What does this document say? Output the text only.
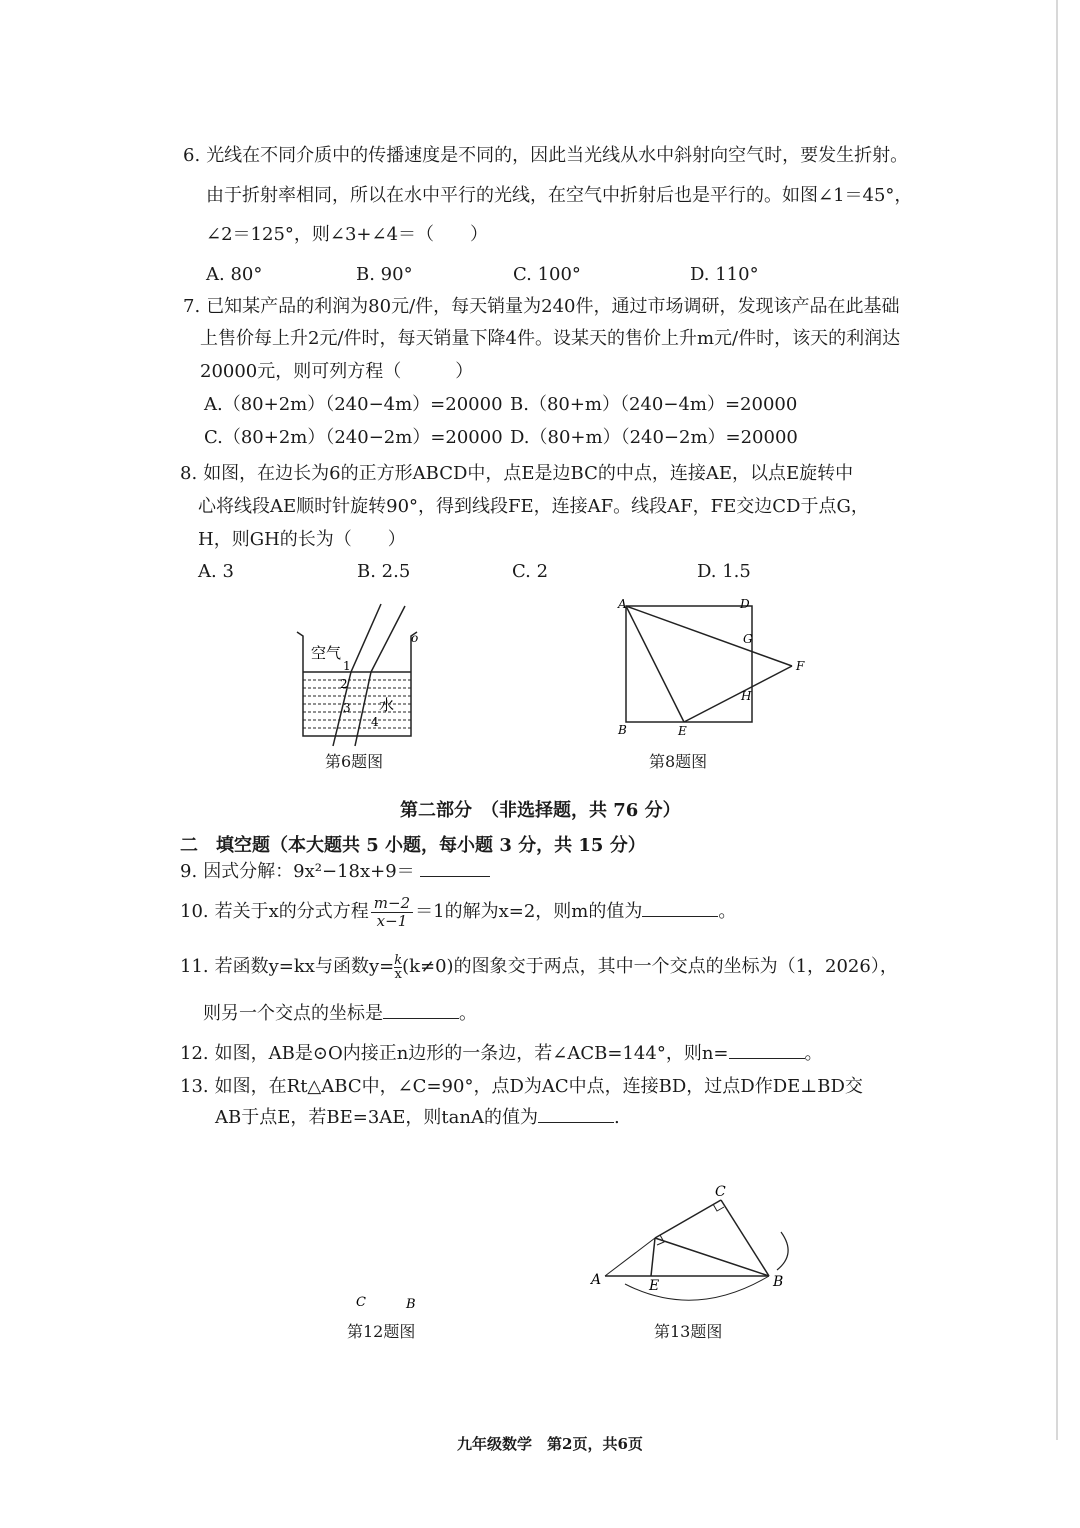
6. 光线在不同介质中的传播速度是不同的，因此当光线从水中斜射向空气时，要发生折射。
由于折射率相同，所以在水中平行的光线，在空气中折射后也是平行的。如图∠1＝45°，
∠2＝125°，则∠3+∠4＝（　　）
A. 80°	B. 90°	C. 100°	D. 110°
7. 已知某产品的利润为80元/件，每天销量为240件，通过市场调研，发现该产品在此基础
上售价每上升2元/件时，每天销量下降4件。设某天的售价上升m元/件时，该天的利润达
20000元，则可列方程（　　　）
A.（80+2m）（240−4m）=20000 B.（80+m）（240−4m）=20000
C.（80+2m）（240−2m）=20000 D.（80+m）（240−2m）=20000
8. 如图，在边长为6的正方形ABCD中，点E是边BC的中点，连接AE，以点E旋转中
心将线段AE顺时针旋转90°，得到线段FE，连接AF。线段AF，FE交边CD于点G，
H，则GH的长为（　　）
A. 3	B. 2.5	C. 2	D. 1.5
空气
水
1
2
3
4
o
第6题图
A	D
G
F
H
B	E
第8题图
第二部分　（非选择题，共 76 分）
二　填空题（本大题共 5 小题，每小题 3 分，共 15 分）
9. 因式分解：9x²−18x+9＝
10. 若关于x的分式方程 $\frac{m-2}{x-1} =1$的解为x=2，则m的值为	。
11. 若函数y=kx与函数$y= \frac{k}{x} (k\ne 0)$的图象交于两点，其中一个交点的坐标为（1，2026），
则另一个交点的坐标是	。
12. 如图，AB是⊙O内接正n边形的一条边，若∠ACB=144°，则n=	。
13. 如图，在Rt△ABC中，∠C=90°，点D为AC中点，连接BD，过点D作DE⊥BD交
AB于点E，若BE=3AE，则tanA的值为	.
C	B
第12题图
C
A	E	B
第13题图
九年级数学　第2页，共6页
